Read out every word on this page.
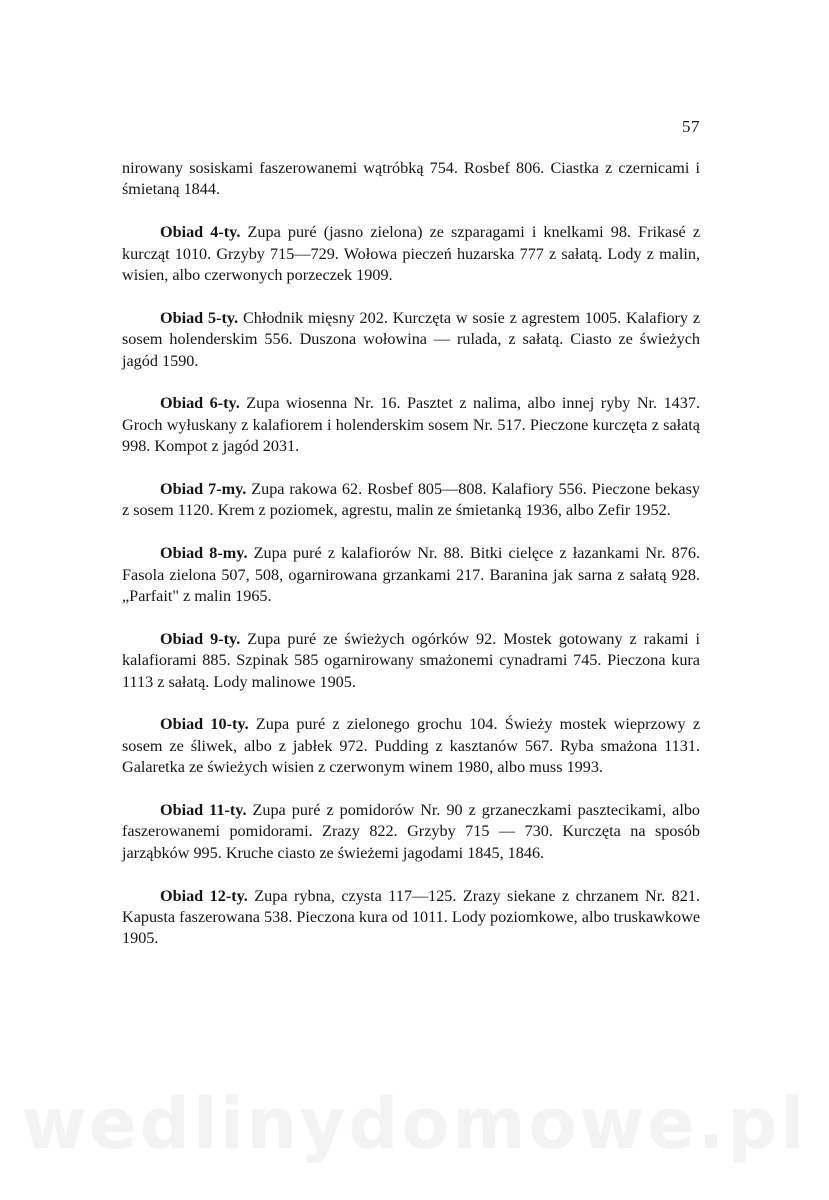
57

nirowany sosiskami faszerowanemi wątróbką 754. Rosbef 806. Ciastka z czernicami i śmietaną 1844.

Obiad 4-ty. Zupa puré (jasno zielona) ze szparagami i knelkami 98. Frikasé z kurcząt 1010. Grzyby 715—729. Wołowa pieczeń huzarska 777 z sałatą. Lody z malin, wisien, albo czerwonych porzeczek 1909.

Obiad 5-ty. Chłodnik mięsny 202. Kurczęta w sosie z agrestem 1005. Kalafiory z sosem holenderskim 556. Duszona wołowina — rulada, z sałatą. Ciasto ze świeżych jagód 1590.

Obiad 6-ty. Zupa wiosenna Nr. 16. Pasztet z nalima, albo innej ryby Nr. 1437. Groch wyłuskany z kalafiorem i holenderskim sosem Nr. 517. Pieczone kurczęta z sałatą 998. Kompot z jagód 2031.

Obiad 7-my. Zupa rakowa 62. Rosbef 805—808. Kalafiory 556. Pieczone bekasy z sosem 1120. Krem z poziomek, agrestu, malin ze śmietanką 1936, albo Zefir 1952.

Obiad 8-my. Zupa puré z kalafiorów Nr. 88. Bitki cielęce z łazankami Nr. 876. Fasola zielona 507, 508, ogarnirowana grzankami 217. Baranina jak sarna z sałatą 928. „Parfait" z malin 1965.

Obiad 9-ty. Zupa puré ze świeżych ogórków 92. Mostek gotowany z rakami i kalafiorami 885. Szpinak 585 ogarnirowany smażonemi cynadrami 745. Pieczona kura 1113 z sałatą. Lody malinowe 1905.

Obiad 10-ty. Zupa puré z zielonego grochu 104. Świeży mostek wieprzowy z sosem ze śliwek, albo z jabłek 972. Pudding z kasztanów 567. Ryba smażona 1131. Galaretka ze świeżych wisien z czerwonym winem 1980, albo muss 1993.

Obiad 11-ty. Zupa puré z pomidorów Nr. 90 z grzaneczkami pasztecikami, albo faszerowanemi pomidorami. Zrazy 822. Grzyby 715 — 730. Kurczęta na sposób jarząbków 995. Kruche ciasto ze świeżemi jagodami 1845, 1846.

Obiad 12-ty. Zupa rybna, czysta 117—125. Zrazy siekane z chrzanem Nr. 821. Kapusta faszerowana 538. Pieczona kura od 1011. Lody poziomkowe, albo truskawkowe 1905.

wedlinydomowe.pl
